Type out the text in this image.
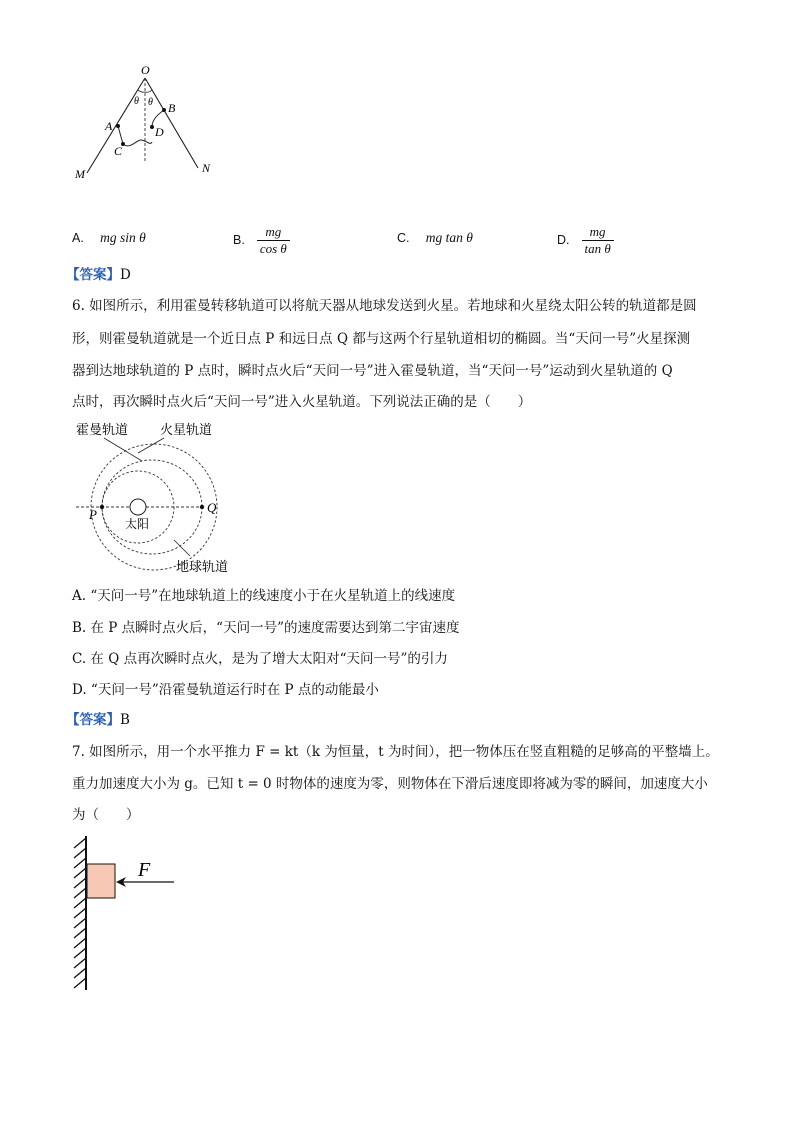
O
θ θ B
A	D
C
M	N
A. mg sin θ	B. $\frac{mg}{\text{cos θ}}$	C. mg tan θ	D. $\frac{mg}{\text{tan θ}}$
【答案】D
6. 如图所示，利用霍曼转移轨道可以将航天器从地球发送到火星。若地球和火星绕太阳公转的轨道都是圆
形，则霍曼轨道就是一个近日点 P 和远日点 Q 都与这两个行星轨道相切的椭圆。当“天问一号”火星探测
器到达地球轨道的 P 点时，瞬时点火后“天问一号”进入霍曼轨道，当“天问一号”运动到火星轨道的 Q
点时，再次瞬时点火后“天问一号”进入火星轨道。下列说法正确的是（　　）
霍曼轨道 火星轨道
太阳
地球轨道
P	Q
A. “天问一号”在地球轨道上的线速度小于在火星轨道上的线速度
B. 在 P 点瞬时点火后，“天问一号”的速度需要达到第二宇宙速度
C. 在 Q 点再次瞬时点火，是为了增大太阳对“天问一号”的引力
D. “天问一号”沿霍曼轨道运行时在 P 点的动能最小
【答案】B
7. 如图所示，用一个水平推力 F = kt（k 为恒量，t 为时间），把一物体压在竖直粗糙的足够高的平整墙上。
重力加速度大小为 g。已知 t = 0 时物体的速度为零，则物体在下滑后速度即将减为零的瞬间，加速度大小
为（　　）
F
